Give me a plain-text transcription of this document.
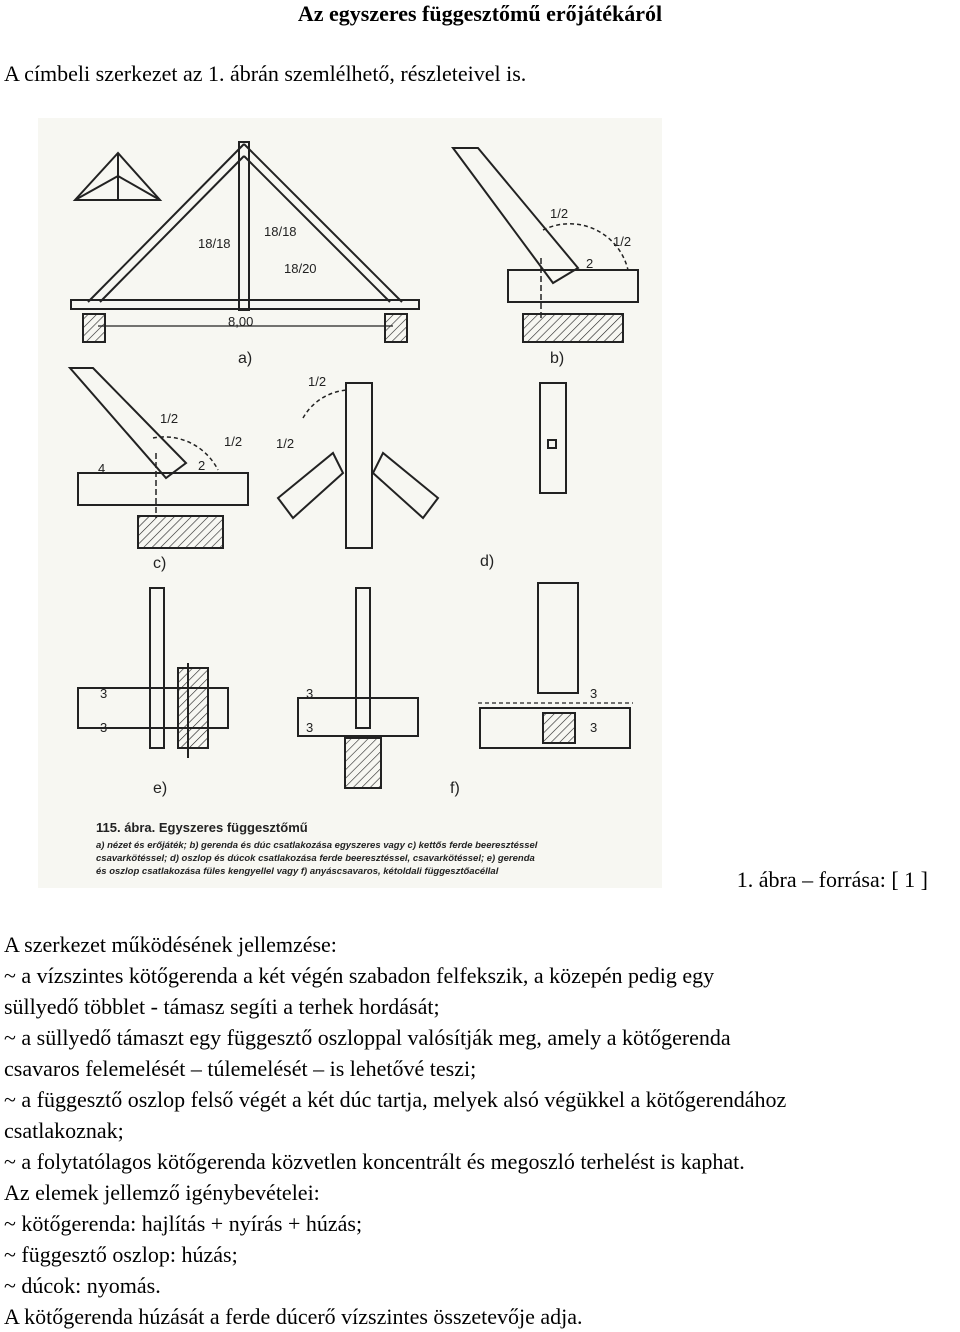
Az egyszeres függesztőmű erőjátékáról
A címbeli szerkezet az 1. ábrán szemlélhető, részleteivel is.
18/18
18/18
18/20
8,00
1/2
1/2
2
1/2
1/2
4	2
1/2
1/2
3
3
3
3
3
3
a)	b)
c)	d)
e)	f)
115. ábra. Egyszeres függesztőmű
a) nézet és erőjáték; b) gerenda és dúc csatlakozása egyszeres vagy c) kettős ferde beeresztéssel
csavarkötéssel; d) oszlop és dúcok csatlakozása ferde beeresztéssel, csavarkötéssel; e) gerenda
és oszlop csatlakozása füles kengyellel vagy f) anyáscsavaros, kétoldali függesztőacéllal	1. ábra – forrása: [ 1 ]

A szerkezet működésének jellemzése:

~ a vízszintes kötőgerenda a két végén szabadon felfekszik, a közepén pedig egy

süllyedő többlet - támasz segíti a terhek hordását;

~ a süllyedő támaszt egy függesztő oszloppal valósítják meg, amely a kötőgerenda

csavaros felemelését – túlemelését – is lehetővé teszi;

~ a függesztő oszlop felső végét a két dúc tartja, melyek alsó végükkel a kötőgerendához

csatlakoznak;

~ a folytatólagos kötőgerenda közvetlen koncentrált és megoszló terhelést is kaphat.

Az elemek jellemző igénybevételei:

~ kötőgerenda: hajlítás + nyírás + húzás;

~ függesztő oszlop: húzás;

~ dúcok: nyomás.

A kötőgerenda húzását a ferde dúcerő vízszintes összetevője adja.
